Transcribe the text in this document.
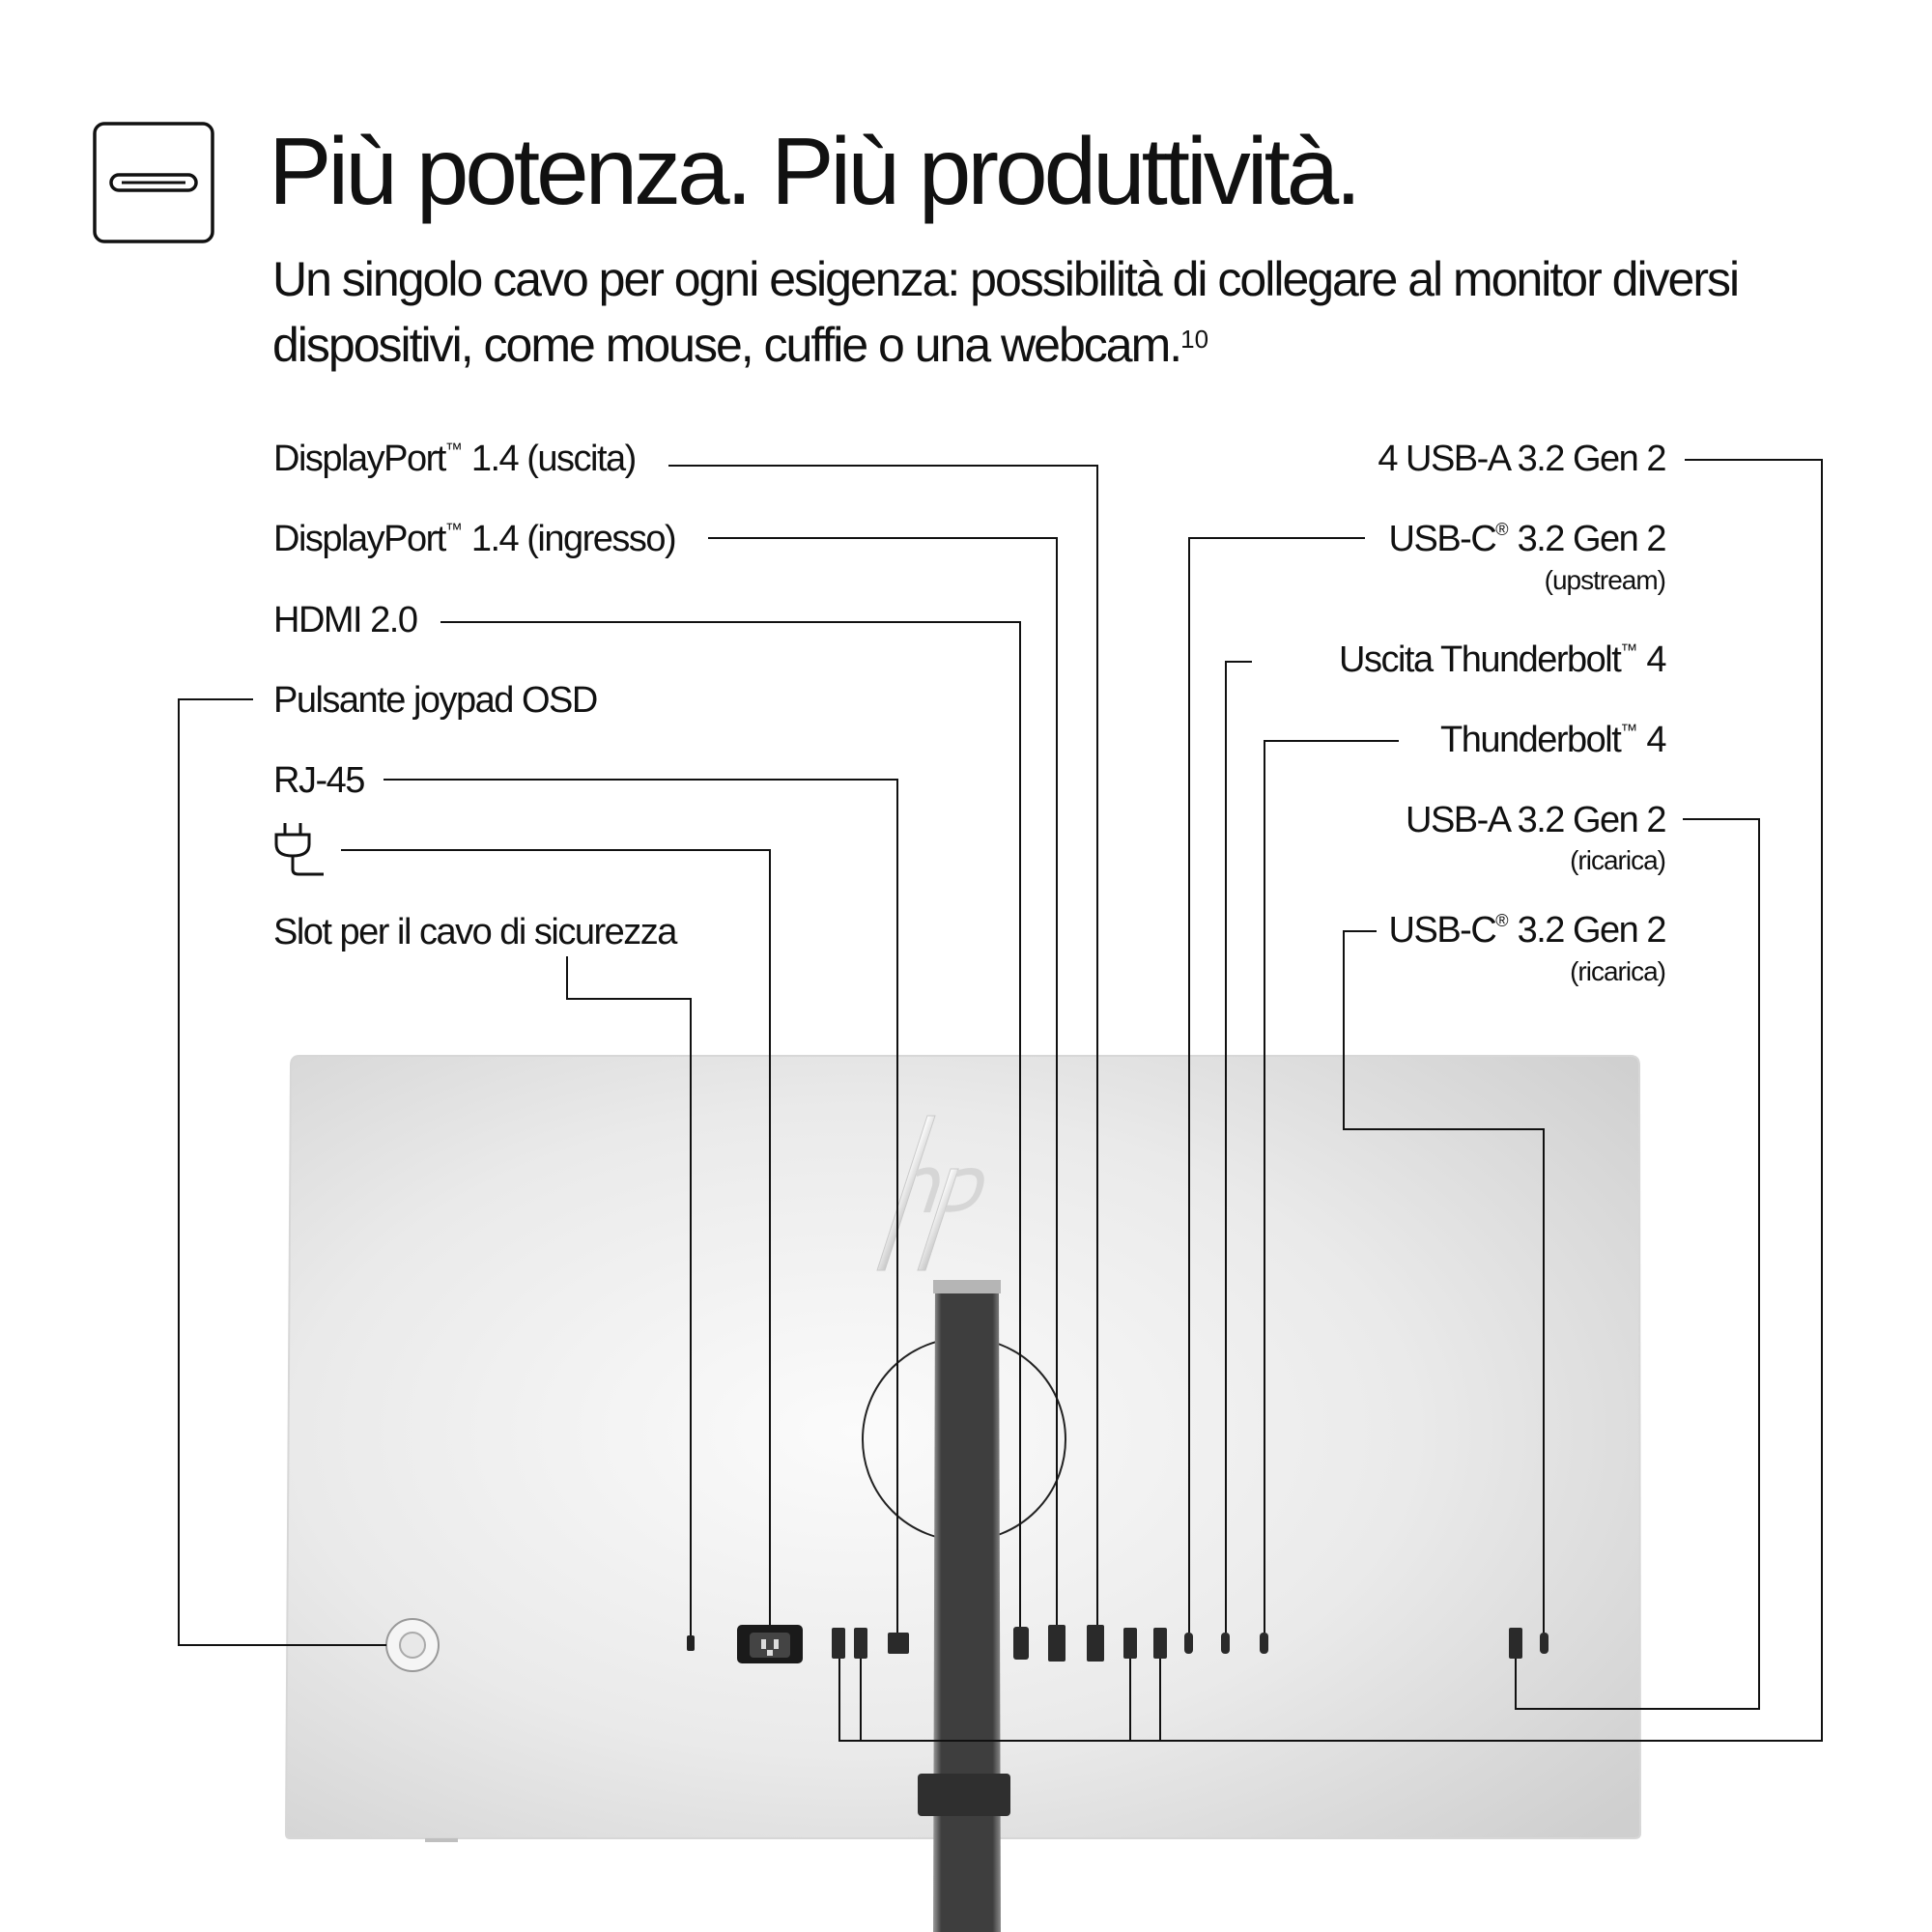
Più potenza. Più produttività.
Un singolo cavo per ogni esigenza: possibilità di collegare al monitor diversi dispositivi, come mouse, cuffie o una webcam.$^{10}$
DisplayPort™ 1.4 (uscita)
DisplayPort™ 1.4 (ingresso)
HDMI 2.0
Pulsante joypad OSD
RJ-45
Slot per il cavo di sicurezza
4 USB-A 3.2 Gen 2
USB-C® 3.2 Gen 2
(upstream)
Uscita Thunderbolt™ 4
Thunderbolt™ 4
USB-A 3.2 Gen 2
(ricarica)
USB-C® 3.2 Gen 2
(ricarica)
